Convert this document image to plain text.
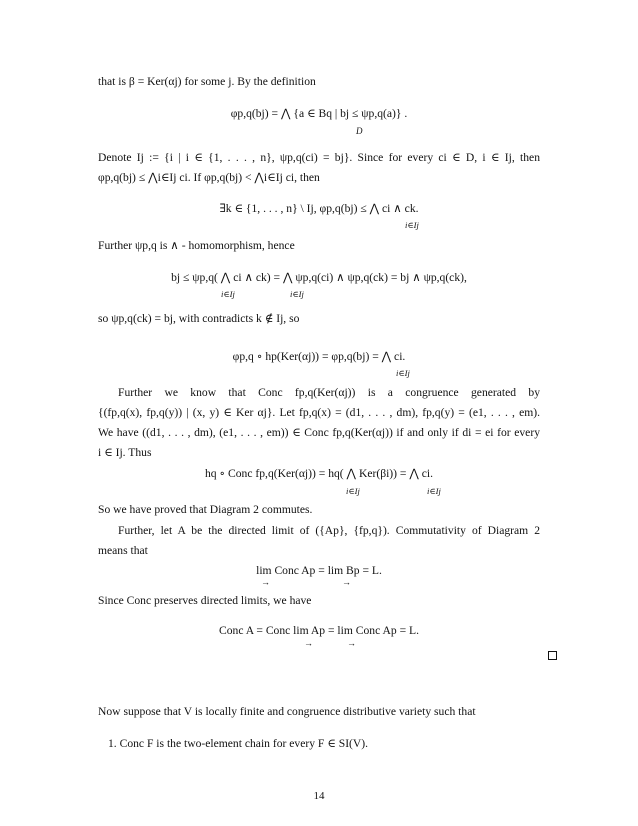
that is β = Ker(αj) for some j. By the definition
φp,q(bj) = ⋀ {a ∈ Bq | bj ≤ ψp,q(a)} .
D
Denote Ij := {i | i ∈ {1, . . . , n}, ψp,q(ci) = bj}. Since for every ci ∈ D, i ∈ Ij, then
φp,q(bj) ≤ ⋀i∈Ij ci. If φp,q(bj) < ⋀i∈Ij ci, then
∃k ∈ {1, . . . , n} \ Ij, φp,q(bj) ≤ ⋀ ci ∧ ck.
i∈Ij
Further ψp,q is ∧ - homomorphism, hence
bj ≤ ψp,q( ⋀ ci ∧ ck) = ⋀ ψp,q(ci) ∧ ψp,q(ck) = bj ∧ ψp,q(ck),
i∈Ij	i∈Ij
so ψp,q(ck) = bj, with contradicts k ∉ Ij, so
φp,q ∘ hp(Ker(αj)) = φp,q(bj) = ⋀ ci.
i∈Ij
Further we know that Conc fp,q(Ker(αj)) is a congruence generated by
{(fp,q(x), fp,q(y)) | (x, y) ∈ Ker αj}. Let fp,q(x) = (d1, . . . , dm), fp,q(y) = (e1, . . . , em).
We have ((d1, . . . , dm), (e1, . . . , em)) ∈ Conc fp,q(Ker(αj)) if and only if di = ei for every
i ∈ Ij. Thus
hq ∘ Conc fp,q(Ker(αj)) = hq( ⋀ Ker(βi)) = ⋀ ci.
i∈Ij	i∈Ij
So we have proved that Diagram 2 commutes.
Further, let A be the directed limit of ({Ap}, {fp,q}). Commutativity of Diagram 2
means that
lim Conc Ap = lim Bp = L.
→	→
Since Conc preserves directed limits, we have
Conc A = Conc lim Ap = lim Conc Ap = L.
→	→
Now suppose that V is locally finite and congruence distributive variety such that
1. Conc F is the two-element chain for every F ∈ SI(V).
14
